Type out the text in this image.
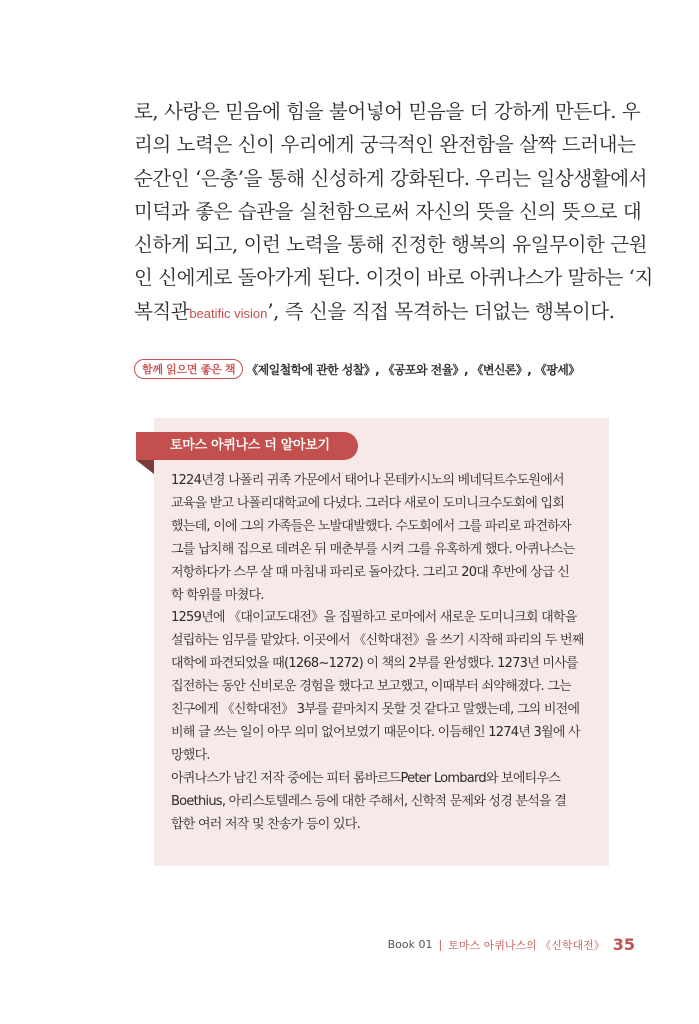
로, 사랑은 믿음에 힘을 불어넣어 믿음을 더 강하게 만든다. 우
리의 노력은 신이 우리에게 궁극적인 완전함을 살짝 드러내는
순간인 ‘은총’을 통해 신성하게 강화된다. 우리는 일상생활에서
미덕과 좋은 습관을 실천함으로써 자신의 뜻을 신의 뜻으로 대
신하게 되고, 이런 노력을 통해 진정한 행복의 유일무이한 근원
인 신에게로 돌아가게 된다. 이것이 바로 아퀴나스가 말하는 ‘지
복직관beatific vision’, 즉 신을 직접 목격하는 더없는 행복이다.
함께 읽으면 좋은 책 《제일철학에 관한 성찰》, 《공포와 전율》, 《변신론》, 《팡세》
토마스 아퀴나스 더 알아보기
1224년경 나폴리 귀족 가문에서 태어나 몬테카시노의 베네딕트수도원에서
교육을 받고 나폴리대학교에 다녔다. 그러다 새로이 도미니크수도회에 입회
했는데, 이에 그의 가족들은 노발대발했다. 수도회에서 그를 파리로 파견하자
그를 납치해 집으로 데려온 뒤 매춘부를 시켜 그를 유혹하게 했다. 아퀴나스는
저항하다가 스무 살 때 마침내 파리로 돌아갔다. 그리고 20대 후반에 상급 신
학 학위를 마쳤다.
1259년에 《대이교도대전》을 집필하고 로마에서 새로운 도미니크회 대학을
설립하는 임무를 맡았다. 이곳에서 《신학대전》을 쓰기 시작해 파리의 두 번째
대학에 파견되었을 때(1268~1272) 이 책의 2부를 완성했다. 1273년 미사를
집전하는 동안 신비로운 경험을 했다고 보고했고, 이때부터 쇠약해졌다. 그는
친구에게 《신학대전》 3부를 끝마치지 못할 것 같다고 말했는데, 그의 비전에
비해 글 쓰는 일이 아무 의미 없어보였기 때문이다. 이듬해인 1274년 3월에 사
망했다.
아퀴나스가 남긴 저작 중에는 피터 롬바르드Peter Lombard와 보에티우스
Boethius, 아리스토텔레스 등에 대한 주해서, 신학적 문제와 성경 분석을 결
합한 여러 저작 및 찬송가 등이 있다.
Book 01 | 토마스 아퀴나스의 《신학대전》 35
